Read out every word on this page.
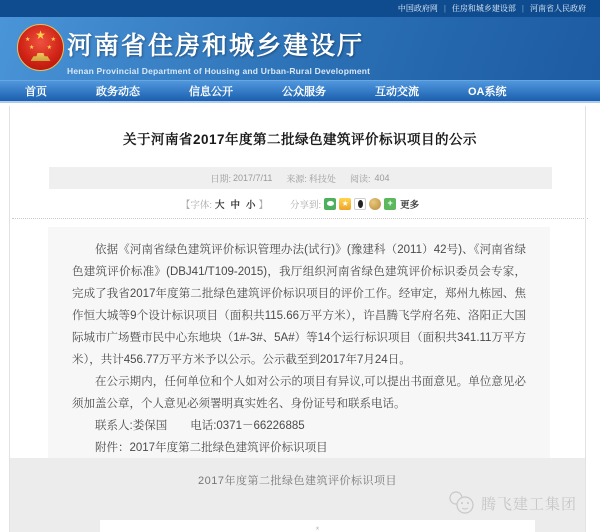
中国政府网 | 住房和城乡建设部 | 河南省人民政府
★
★	★
★ ★ 河南省住房和城乡建设厅
Henan Provincial Department of Housing and Urban-Rural Development
首页	政务动态	信息公开	公众服务	互动交流	OA系统
关于河南省2017年度第二批绿色建筑评价标识项目的公示
日期: 2017/7/11 来源: 科技处 阅读: 404
【字体: 大 中 小 】 分享到:	★	+ 更多

依据《河南省绿色建筑评价标识管理办法(试行)》(豫建科（2011）42号)、《河南省绿色建筑评价标准》(DBJ41/T109-2015)，我厅组织河南省绿色建筑评价标识委员会专家，完成了我省2017年度第二批绿色建筑评价标识项目的评价工作。经审定，郑州九栋园、焦作恒大城等9个设计标识项目（面积共115.66万平方米），许昌腾飞学府名苑、洛阳正大国际城市广场暨市民中心东地块（1#-3#、5A#）等14个运行标识项目（面积共341.11万平方米），共计456.77万平方米予以公示。公示截至到2017年7月24日。

在公示期内，任何单位和个人如对公示的项目有异议,可以提出书面意见。单位意见必须加盖公章，个人意见必须署明真实姓名、身份证号和联系电话。

联系人:娄保国　　电话:0371－66226885

附件：2017年度第二批绿色建筑评价标识项目

2017年度第二批绿色建筑评价标识项目
腾飞建工集团
*
